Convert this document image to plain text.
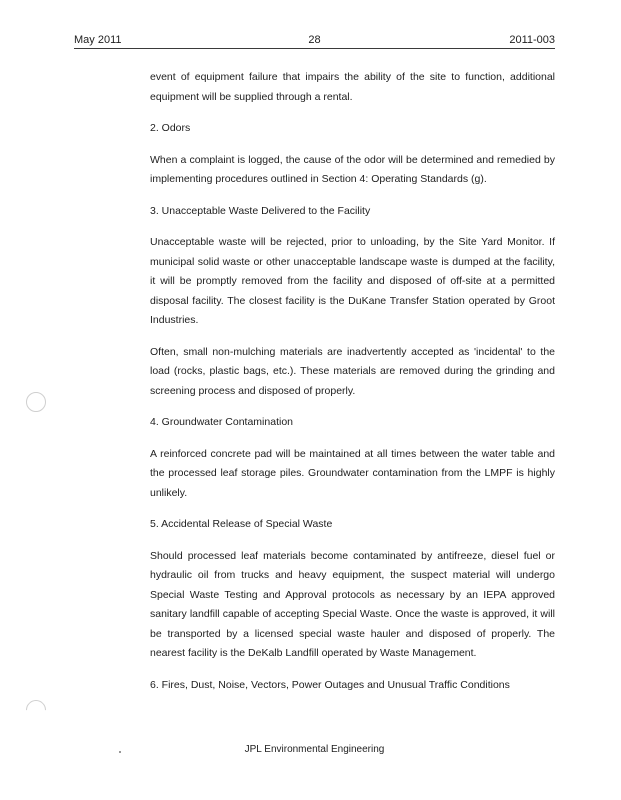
May 2011	28	2011-003

event of equipment failure that impairs the ability of the site to function, additional equipment will be supplied through a rental.

2. Odors

When a complaint is logged, the cause of the odor will be determined and remedied by implementing procedures outlined in Section 4: Operating Standards (g).

3. Unacceptable Waste Delivered to the Facility

Unacceptable waste will be rejected, prior to unloading, by the Site Yard Monitor. If municipal solid waste or other unacceptable landscape waste is dumped at the facility, it will be promptly removed from the facility and disposed of off-site at a permitted disposal facility. The closest facility is the DuKane Transfer Station operated by Groot Industries.

Often, small non-mulching materials are inadvertently accepted as 'incidental' to the load (rocks, plastic bags, etc.). These materials are removed during the grinding and screening process and disposed of properly.

4. Groundwater Contamination

A reinforced concrete pad will be maintained at all times between the water table and the processed leaf storage piles. Groundwater contamination from the LMPF is highly unlikely.

5. Accidental Release of Special Waste

Should processed leaf materials become contaminated by antifreeze, diesel fuel or hydraulic oil from trucks and heavy equipment, the suspect material will undergo Special Waste Testing and Approval protocols as necessary by an IEPA approved sanitary landfill capable of accepting Special Waste. Once the waste is approved, it will be transported by a licensed special waste hauler and disposed of properly. The nearest facility is the DeKalb Landfill operated by Waste Management.

6. Fires, Dust, Noise, Vectors, Power Outages and Unusual Traffic Conditions

JPL Environmental Engineering
